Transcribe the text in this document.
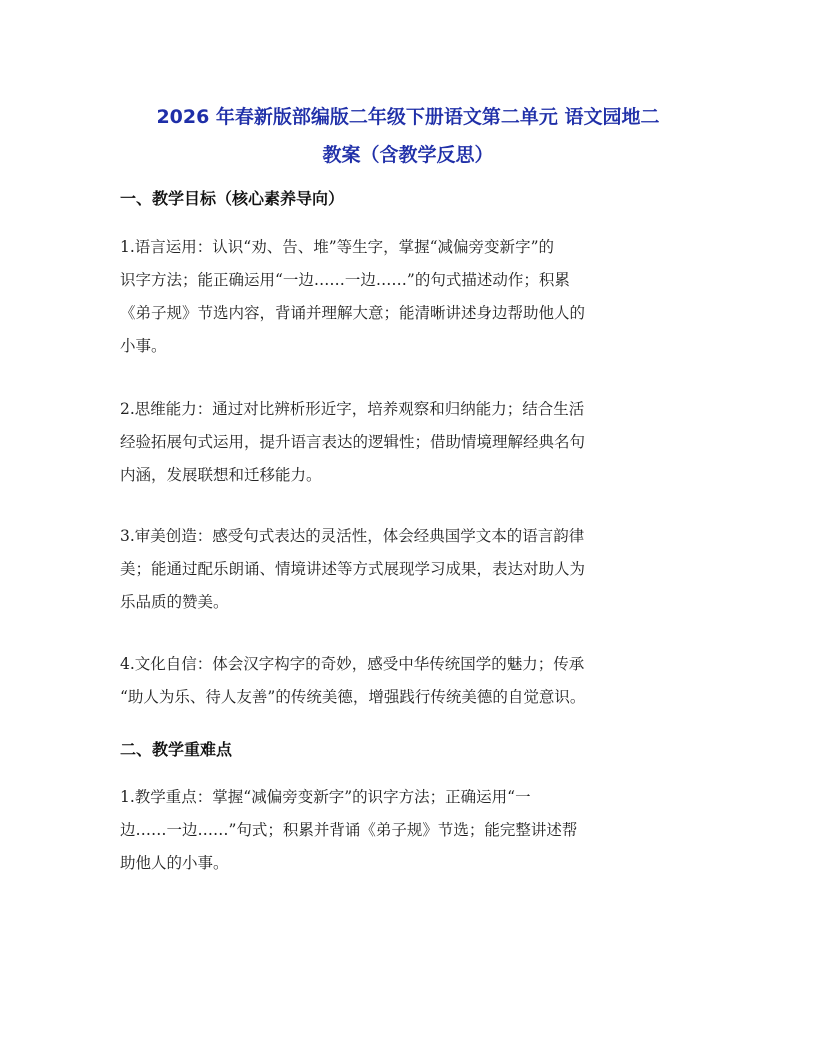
2026 年春新版部编版二年级下册语文第二单元 语文园地二
教案（含教学反思）
一、教学目标（核心素养导向）
1.语言运用：认识“劝、告、堆”等生字，掌握“减偏旁变新字”的
识字方法；能正确运用“一边……一边……”的句式描述动作；积累
《弟子规》节选内容，背诵并理解大意；能清晰讲述身边帮助他人的
小事。
2.思维能力：通过对比辨析形近字，培养观察和归纳能力；结合生活
经验拓展句式运用，提升语言表达的逻辑性；借助情境理解经典名句
内涵，发展联想和迁移能力。
3.审美创造：感受句式表达的灵活性，体会经典国学文本的语言韵律
美；能通过配乐朗诵、情境讲述等方式展现学习成果，表达对助人为
乐品质的赞美。
4.文化自信：体会汉字构字的奇妙，感受中华传统国学的魅力；传承
“助人为乐、待人友善”的传统美德，增强践行传统美德的自觉意识。
二、教学重难点
1.教学重点：掌握“减偏旁变新字”的识字方法；正确运用“一
边……一边……”句式；积累并背诵《弟子规》节选；能完整讲述帮
助他人的小事。
